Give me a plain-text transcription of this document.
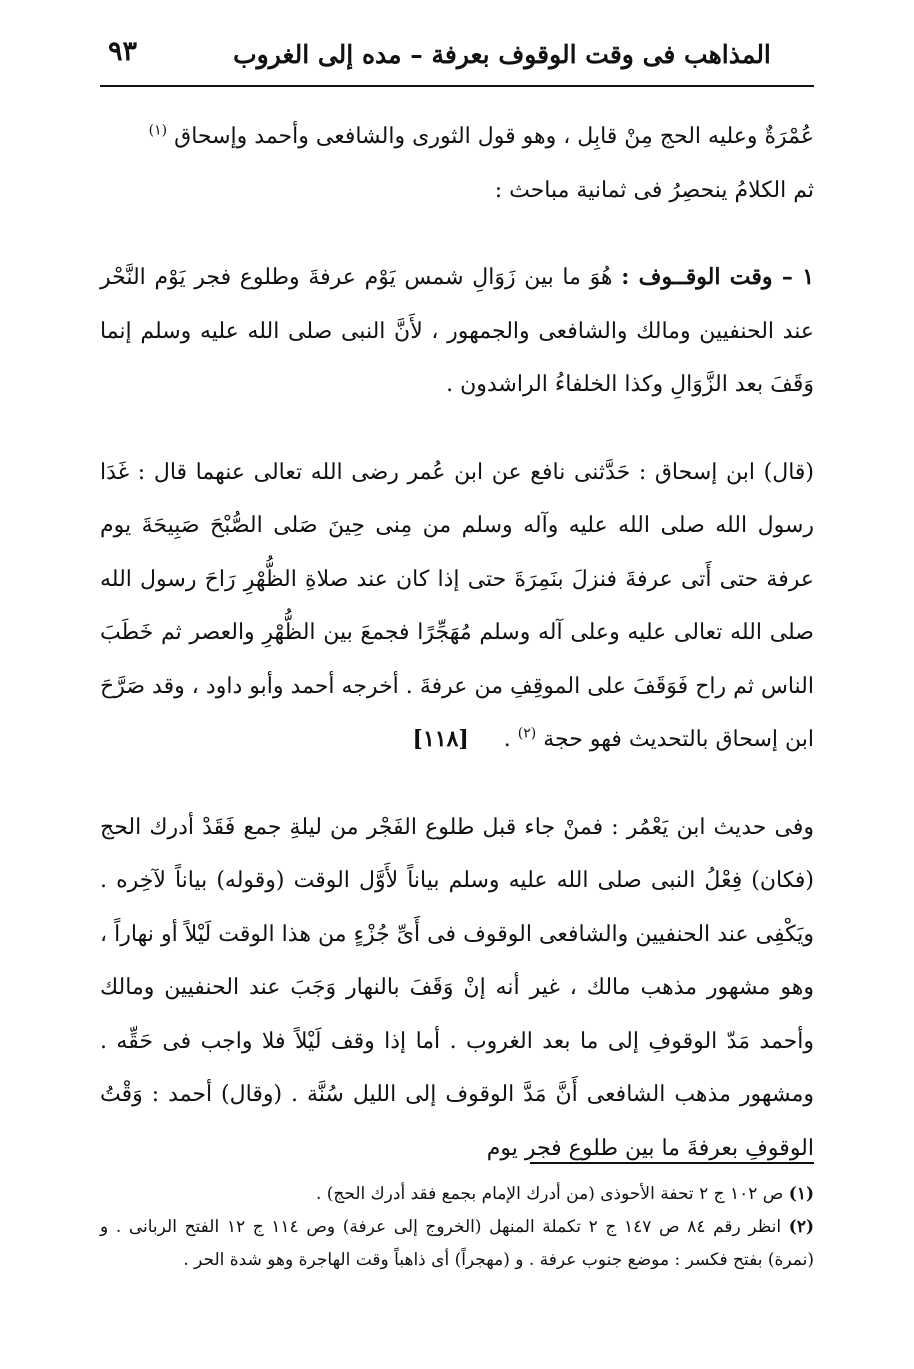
المذاهب فى وقت الوقوف بعرفة – مده إلى الغروب
٩٣

عُمْرَةٌ وعليه الحج مِنْ قابِل ، وهو قول الثورى والشافعى وأحمد وإسحاق $^{(١)}$
ثم الكلامُ ينحصِرُ فى ثمانية مباحث :

١ – وقت الوقــوف : هُوَ ما بين زَوَالِ شمس يَوْم عرفةَ وطلوع فجر يَوْم النَّحْر عند الحنفيين ومالك والشافعى والجمهور ، لأَنَّ النبى صلى الله عليه وسلم إنما وَقَفَ بعد الزَّوَالِ وكذا الخلفاءُ الراشدون .

(قال) ابن إسحاق : حَدَّثنى نافع عن ابن عُمر رضى الله تعالى عنهما قال : غَدَا رسول الله صلى الله عليه وآله وسلم من مِنى حِينَ صَلى الصُّبْحَ صَبِيحَةَ يوم عرفة حتى أَتى عرفةَ فنزلَ بنَمِرَةَ حتى إذا كان عند صلاةِ الظُّهْرِ رَاحَ رسول الله صلى الله تعالى عليه وعلى آله وسلم مُهَجِّرًا فجمعَ بين الظُّهْرِ والعصر ثم خَطَبَ الناس ثم راح فَوَقَفَ على الموقِفِ من عرفةَ . أخرجه أحمد وأبو داود ، وقد صَرَّحَ ابن إسحاق بالتحديث فهو حجة $^{(٢)}$ .     [١١٨]

وفى حديث ابن يَعْمُر : فمنْ جاء قبل طلوع الفَجْر من ليلةِ جمع فَقَدْ أدرك الحج (فكان) فِعْلُ النبى صلى الله عليه وسلم بياناً لأَوَّل الوقت (وقوله) بياناً لآخِره . ويَكْفِى عند الحنفيين والشافعى الوقوف فى أَىِّ جُزْءٍ من هذا الوقت لَيْلاً أو نهاراً ، وهو مشهور مذهب مالك ، غير أنه إنْ وَقَفَ بالنهار وَجَبَ عند الحنفيين ومالك وأحمد مَدّ الوقوفِ إلى ما بعد الغروب . أما إذا وقف لَيْلاً فلا واجب فى حَقِّه . ومشهور مذهب الشافعى أَنَّ مَدَّ الوقوف إلى الليل سُنَّة . (وقال) أحمد : وَقْتُ الوقوفِ بعرفةَ ما بين طلوع فجر يوم

(١) ص ١٠٢ ج ٢ تحفة الأحوذى (من أدرك الإمام بجمع فقد أدرك الحج) .

(٢) انظر رقم ٨٤ ص ١٤٧ ج ٢ تكملة المنهل (الخروج إلى عرفة) وص ١١٤ ج ١٢ الفتح الربانى . و (نمرة) بفتح فكسر : موضع جنوب عرفة . و (مهجراً) أى ذاهباً وقت الهاجرة وهو شدة الحر .
